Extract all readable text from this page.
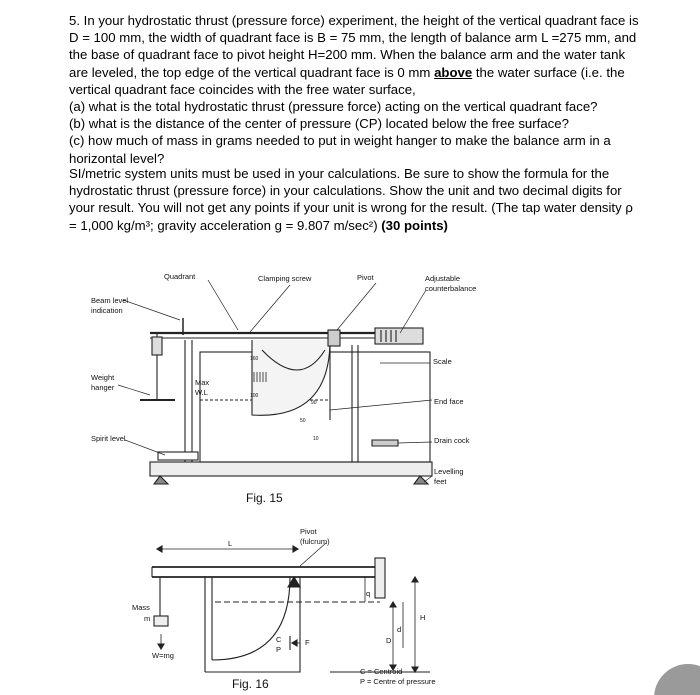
5. In your hydrostatic thrust (pressure force) experiment, the height of the vertical quadrant face is D = 100 mm, the width of quadrant face is B = 75 mm, the length of balance arm L =275 mm, and the base of quadrant face to pivot height H=200 mm. When the balance arm and the water tank are leveled, the top edge of the vertical quadrant face is 0 mm above the water surface (i.e. the vertical quadrant face coincides with the free water surface,

(a) what is the total hydrostatic thrust (pressure force) acting on the vertical quadrant face?

(b) what is the distance of the center of pressure (CP) located below the free surface?

(c) how much of mass in grams needed to put in weight hanger to make the balance arm in a horizontal level?

SI/metric system units must be used in your calculations. Be sure to show the formula for the hydrostatic thrust (pressure force) in your calculations. Show the unit and two decimal digits for your result. You will not get any points if your unit is wrong for the result. (The tap water density ρ = 1,000 kg/m³; gravity acceleration g = 9.807 m/sec²) (30 points)

Quadrant	Clamping screw	Pivot	Adjustable
counterbalance
Beam level
indication
Scale
Weight
hanger
Max
W.L
End face
Spirit level	Drain cock
Levelling
feet
160
100
90
50
10
Fig. 15
Pivot
(fulcrum)
L
Mass
m
W=mg
C
P
F
q
H
d
D
C = Centroid
P = Centre of pressure
Fig. 16
